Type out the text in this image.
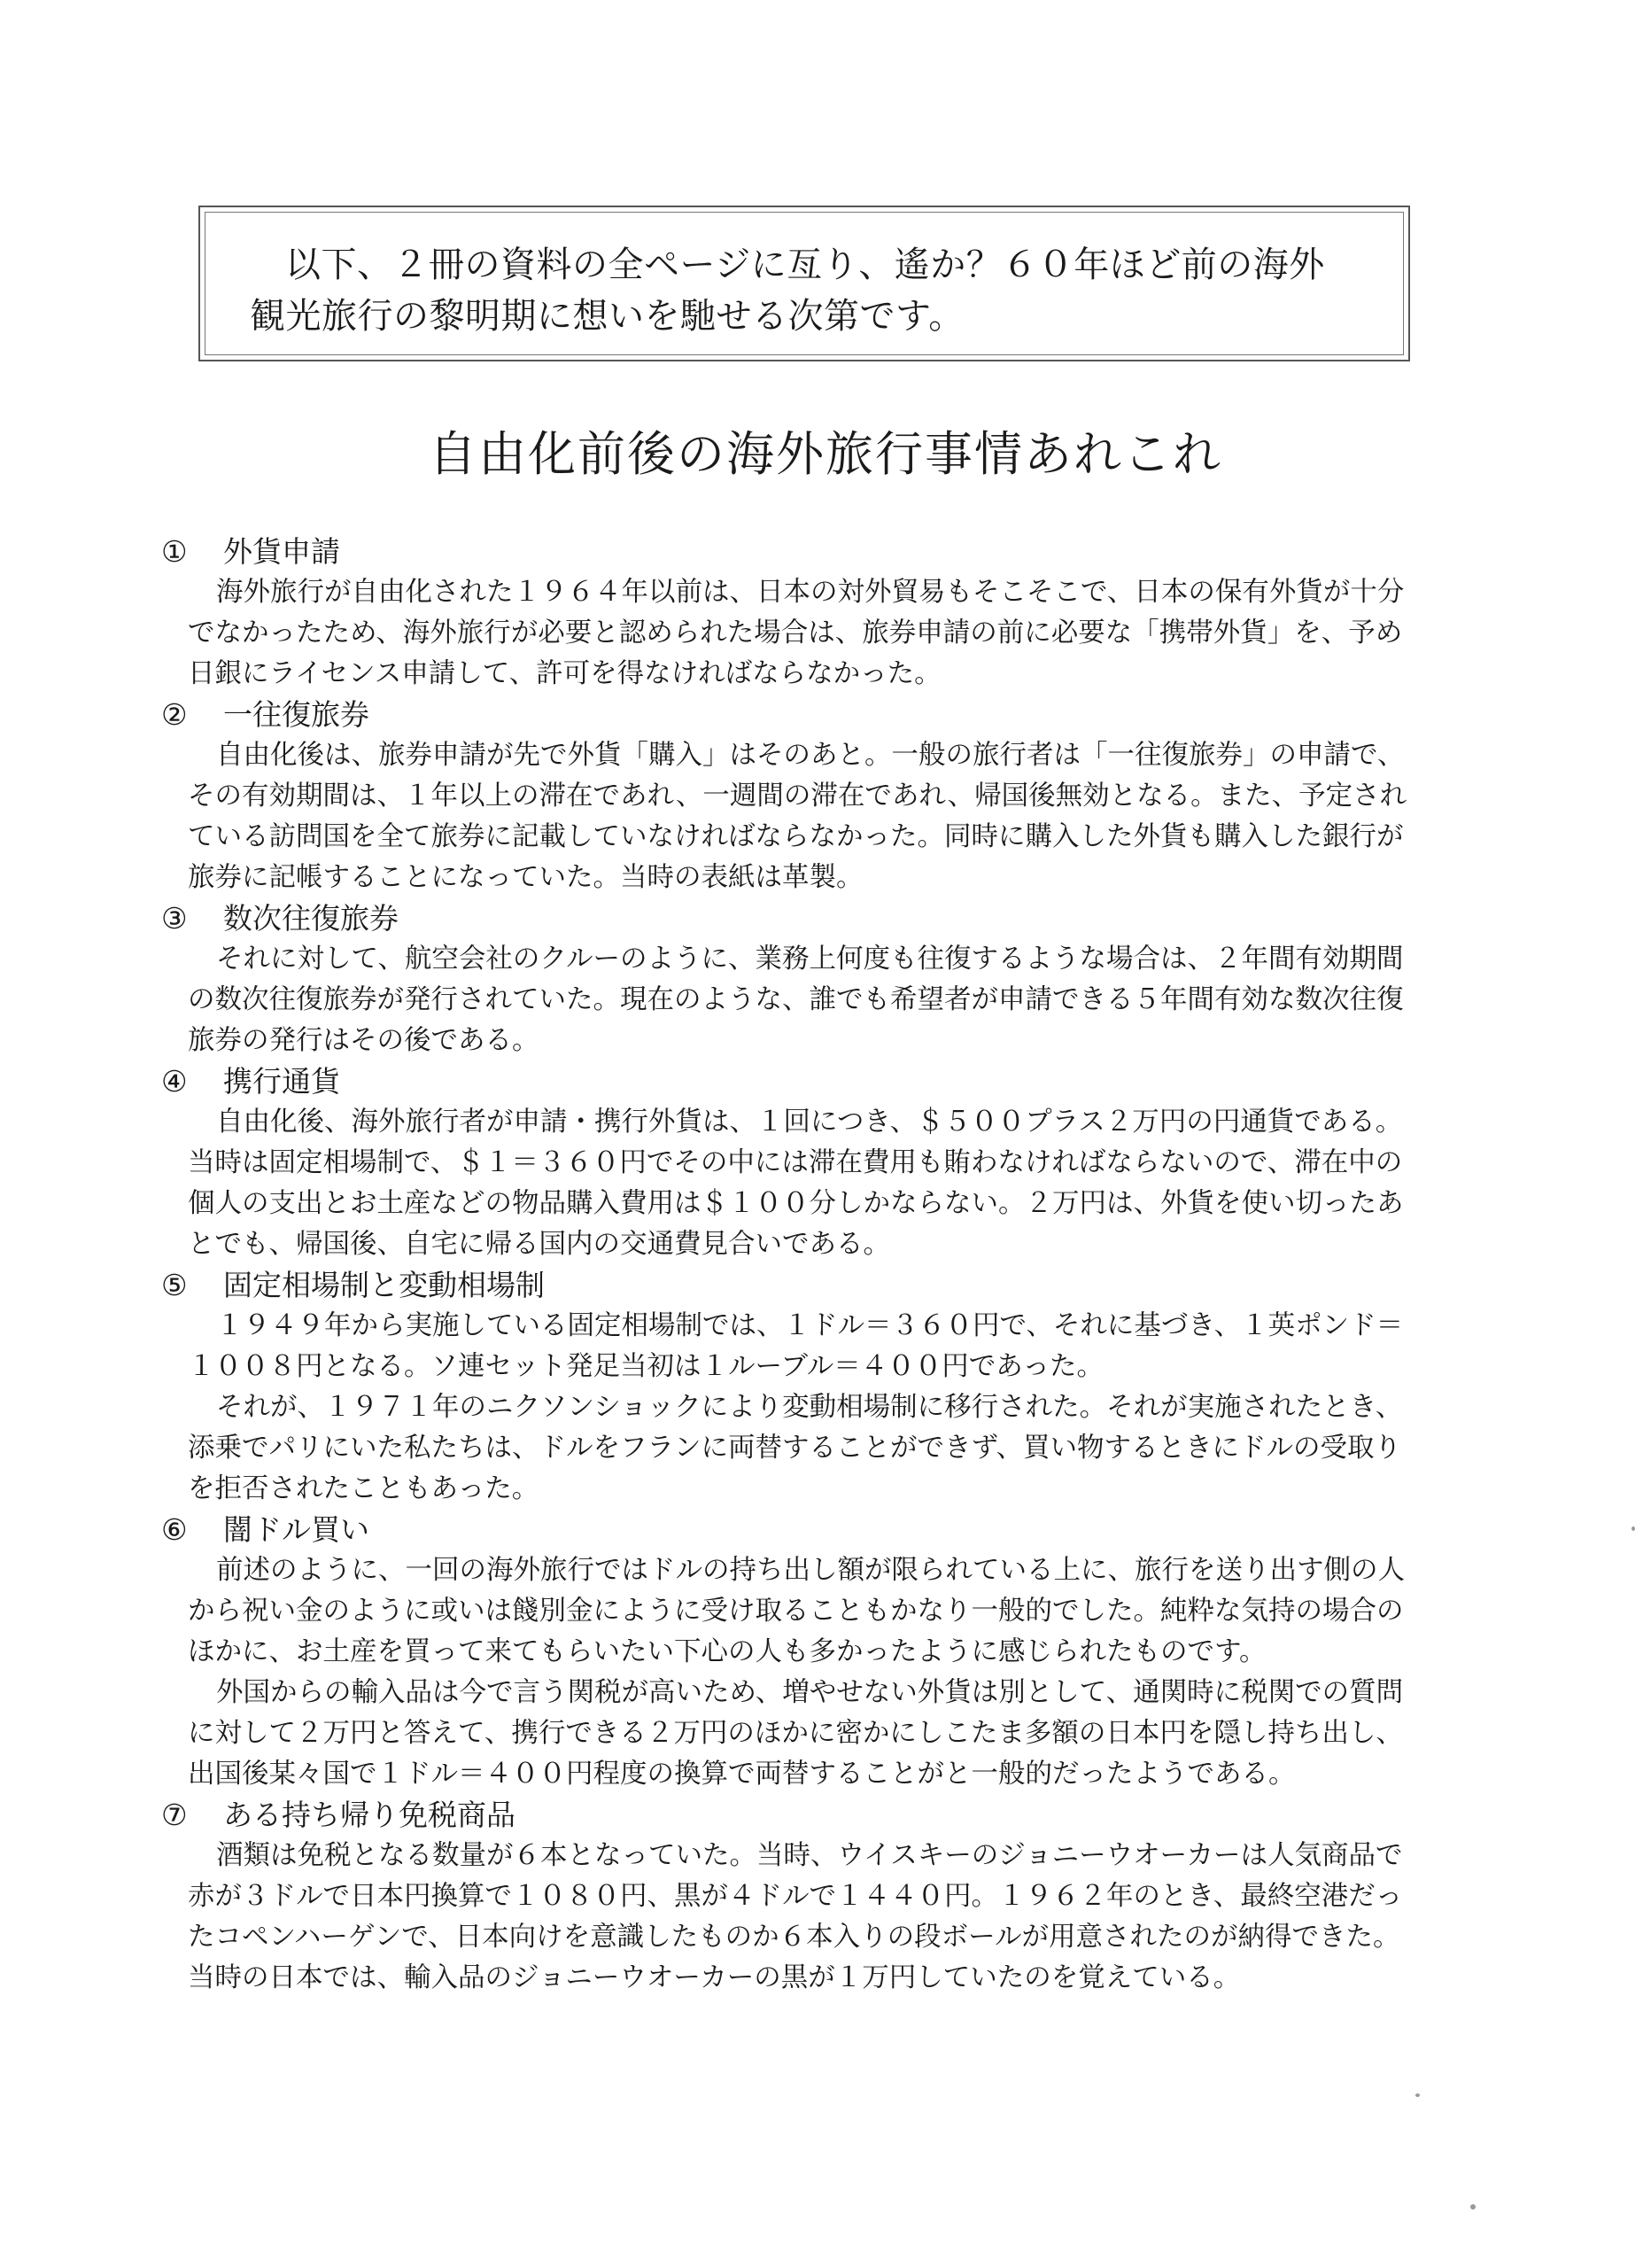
以下、２冊の資料の全ページに亙り、遙か？６０年ほど前の海外
観光旅行の黎明期に想いを馳せる次第です。
自由化前後の海外旅行事情あれこれ
① 外貨申請
海外旅行が自由化された１９６４年以前は、日本の対外貿易もそこそこで、日本の保有外貨が十分
でなかったため、海外旅行が必要と認められた場合は、旅券申請の前に必要な「携帯外貨」を、予め
日銀にライセンス申請して、許可を得なければならなかった。
② 一往復旅券
自由化後は、旅券申請が先で外貨「購入」はそのあと。一般の旅行者は「一往復旅券」の申請で、
その有効期間は、１年以上の滞在であれ、一週間の滞在であれ、帰国後無効となる。また、予定され
ている訪問国を全て旅券に記載していなければならなかった。同時に購入した外貨も購入した銀行が
旅券に記帳することになっていた。当時の表紙は革製。
③ 数次往復旅券
それに対して、航空会社のクルーのように、業務上何度も往復するような場合は、２年間有効期間
の数次往復旅券が発行されていた。現在のような、誰でも希望者が申請できる５年間有効な数次往復
旅券の発行はその後である。
④ 携行通貨
自由化後、海外旅行者が申請・携行外貨は、１回につき、＄５００プラス２万円の円通貨である。
当時は固定相場制で、＄１＝３６０円でその中には滞在費用も賄わなければならないので、滞在中の
個人の支出とお土産などの物品購入費用は＄１００分しかならない。２万円は、外貨を使い切ったあ
とでも、帰国後、自宅に帰る国内の交通費見合いである。
⑤ 固定相場制と変動相場制
１９４９年から実施している固定相場制では、１ドル＝３６０円で、それに基づき、１英ポンド＝
１００８円となる。ソ連セット発足当初は１ルーブル＝４００円であった。
それが、１９７１年のニクソンショックにより変動相場制に移行された。それが実施されたとき、
添乗でパリにいた私たちは、ドルをフランに両替することができず、買い物するときにドルの受取り
を拒否されたこともあった。
⑥ 闇ドル買い
前述のように、一回の海外旅行ではドルの持ち出し額が限られている上に、旅行を送り出す側の人
から祝い金のように或いは餞別金にように受け取ることもかなり一般的でした。純粋な気持の場合の
ほかに、お土産を買って来てもらいたい下心の人も多かったように感じられたものです。
外国からの輸入品は今で言う関税が高いため、増やせない外貨は別として、通関時に税関での質問
に対して２万円と答えて、携行できる２万円のほかに密かにしこたま多額の日本円を隠し持ち出し、
出国後某々国で１ドル＝４００円程度の換算で両替することがと一般的だったようである。
⑦ ある持ち帰り免税商品
酒類は免税となる数量が６本となっていた。当時、ウイスキーのジョニーウオーカーは人気商品で
赤が３ドルで日本円換算で１０８０円、黒が４ドルで１４４０円。１９６２年のとき、最終空港だっ
たコペンハーゲンで、日本向けを意識したものか６本入りの段ボールが用意されたのが納得できた。
当時の日本では、輸入品のジョニーウオーカーの黒が１万円していたのを覚えている。
